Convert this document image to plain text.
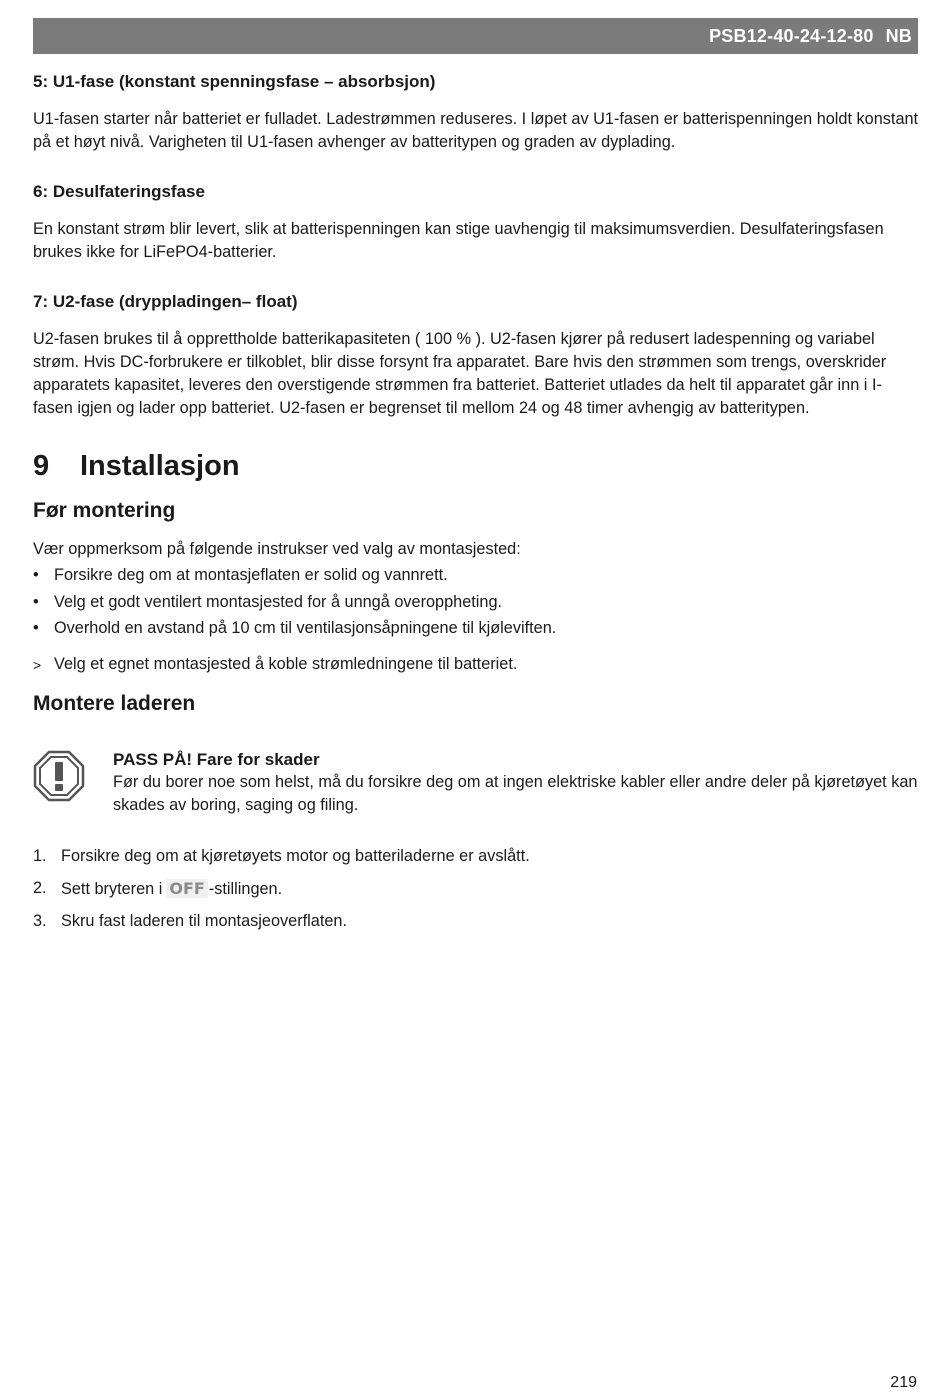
PSB12-40-24-12-80 NB

5: U1-fase (konstant spenningsfase – absorbsjon)

U1-fasen starter når batteriet er fulladet. Ladestrømmen reduseres. I løpet av U1-fasen er batterispenningen holdt konstant på et høyt nivå. Varigheten til U1-fasen avhenger av batteritypen og graden av dyplading.

6: Desulfateringsfase

En konstant strøm blir levert, slik at batterispenningen kan stige uavhengig til maksimumsverdien. Desulfateringsfasen brukes ikke for LiFePO4-batterier.

7: U2-fase (dryppladingen– float)

U2-fasen brukes til å opprettholde batterikapasiteten ( 100 % ). U2-fasen kjører på redusert ladespenning og variabel strøm. Hvis DC-forbrukere er tilkoblet, blir disse forsynt fra apparatet. Bare hvis den strømmen som trengs, overskrider apparatets kapasitet, leveres den overstigende strømmen fra batteriet. Batteriet utlades da helt til apparatet går inn i I-fasen igjen og lader opp batteriet. U2-fasen er begrenset til mellom 24 og 48 timer avhengig av batteritypen.

9	Installasjon
Før montering

Vær oppmerksom på følgende instrukser ved valg av montasjested:

• Forsikre deg om at montasjeflaten er solid og vannrett.
• Velg et godt ventilert montasjested for å unngå overoppheting.
• Overhold en avstand på 10 cm til ventilasjonsåpningene til kjøleviften.

> Velg et egnet montasjested å koble strømledningene til batteriet.

Montere laderen

PASS PÅ! Fare for skader

Før du borer noe som helst, må du forsikre deg om at ingen elektriske kabler eller andre deler på kjøretøyet kan skades av boring, saging og filing.

1. Forsikre deg om at kjøretøyets motor og batteriladerne er avslått.
2. Sett bryteren i OFF -stillingen.
3. Skru fast laderen til montasjeoverflaten.
219
